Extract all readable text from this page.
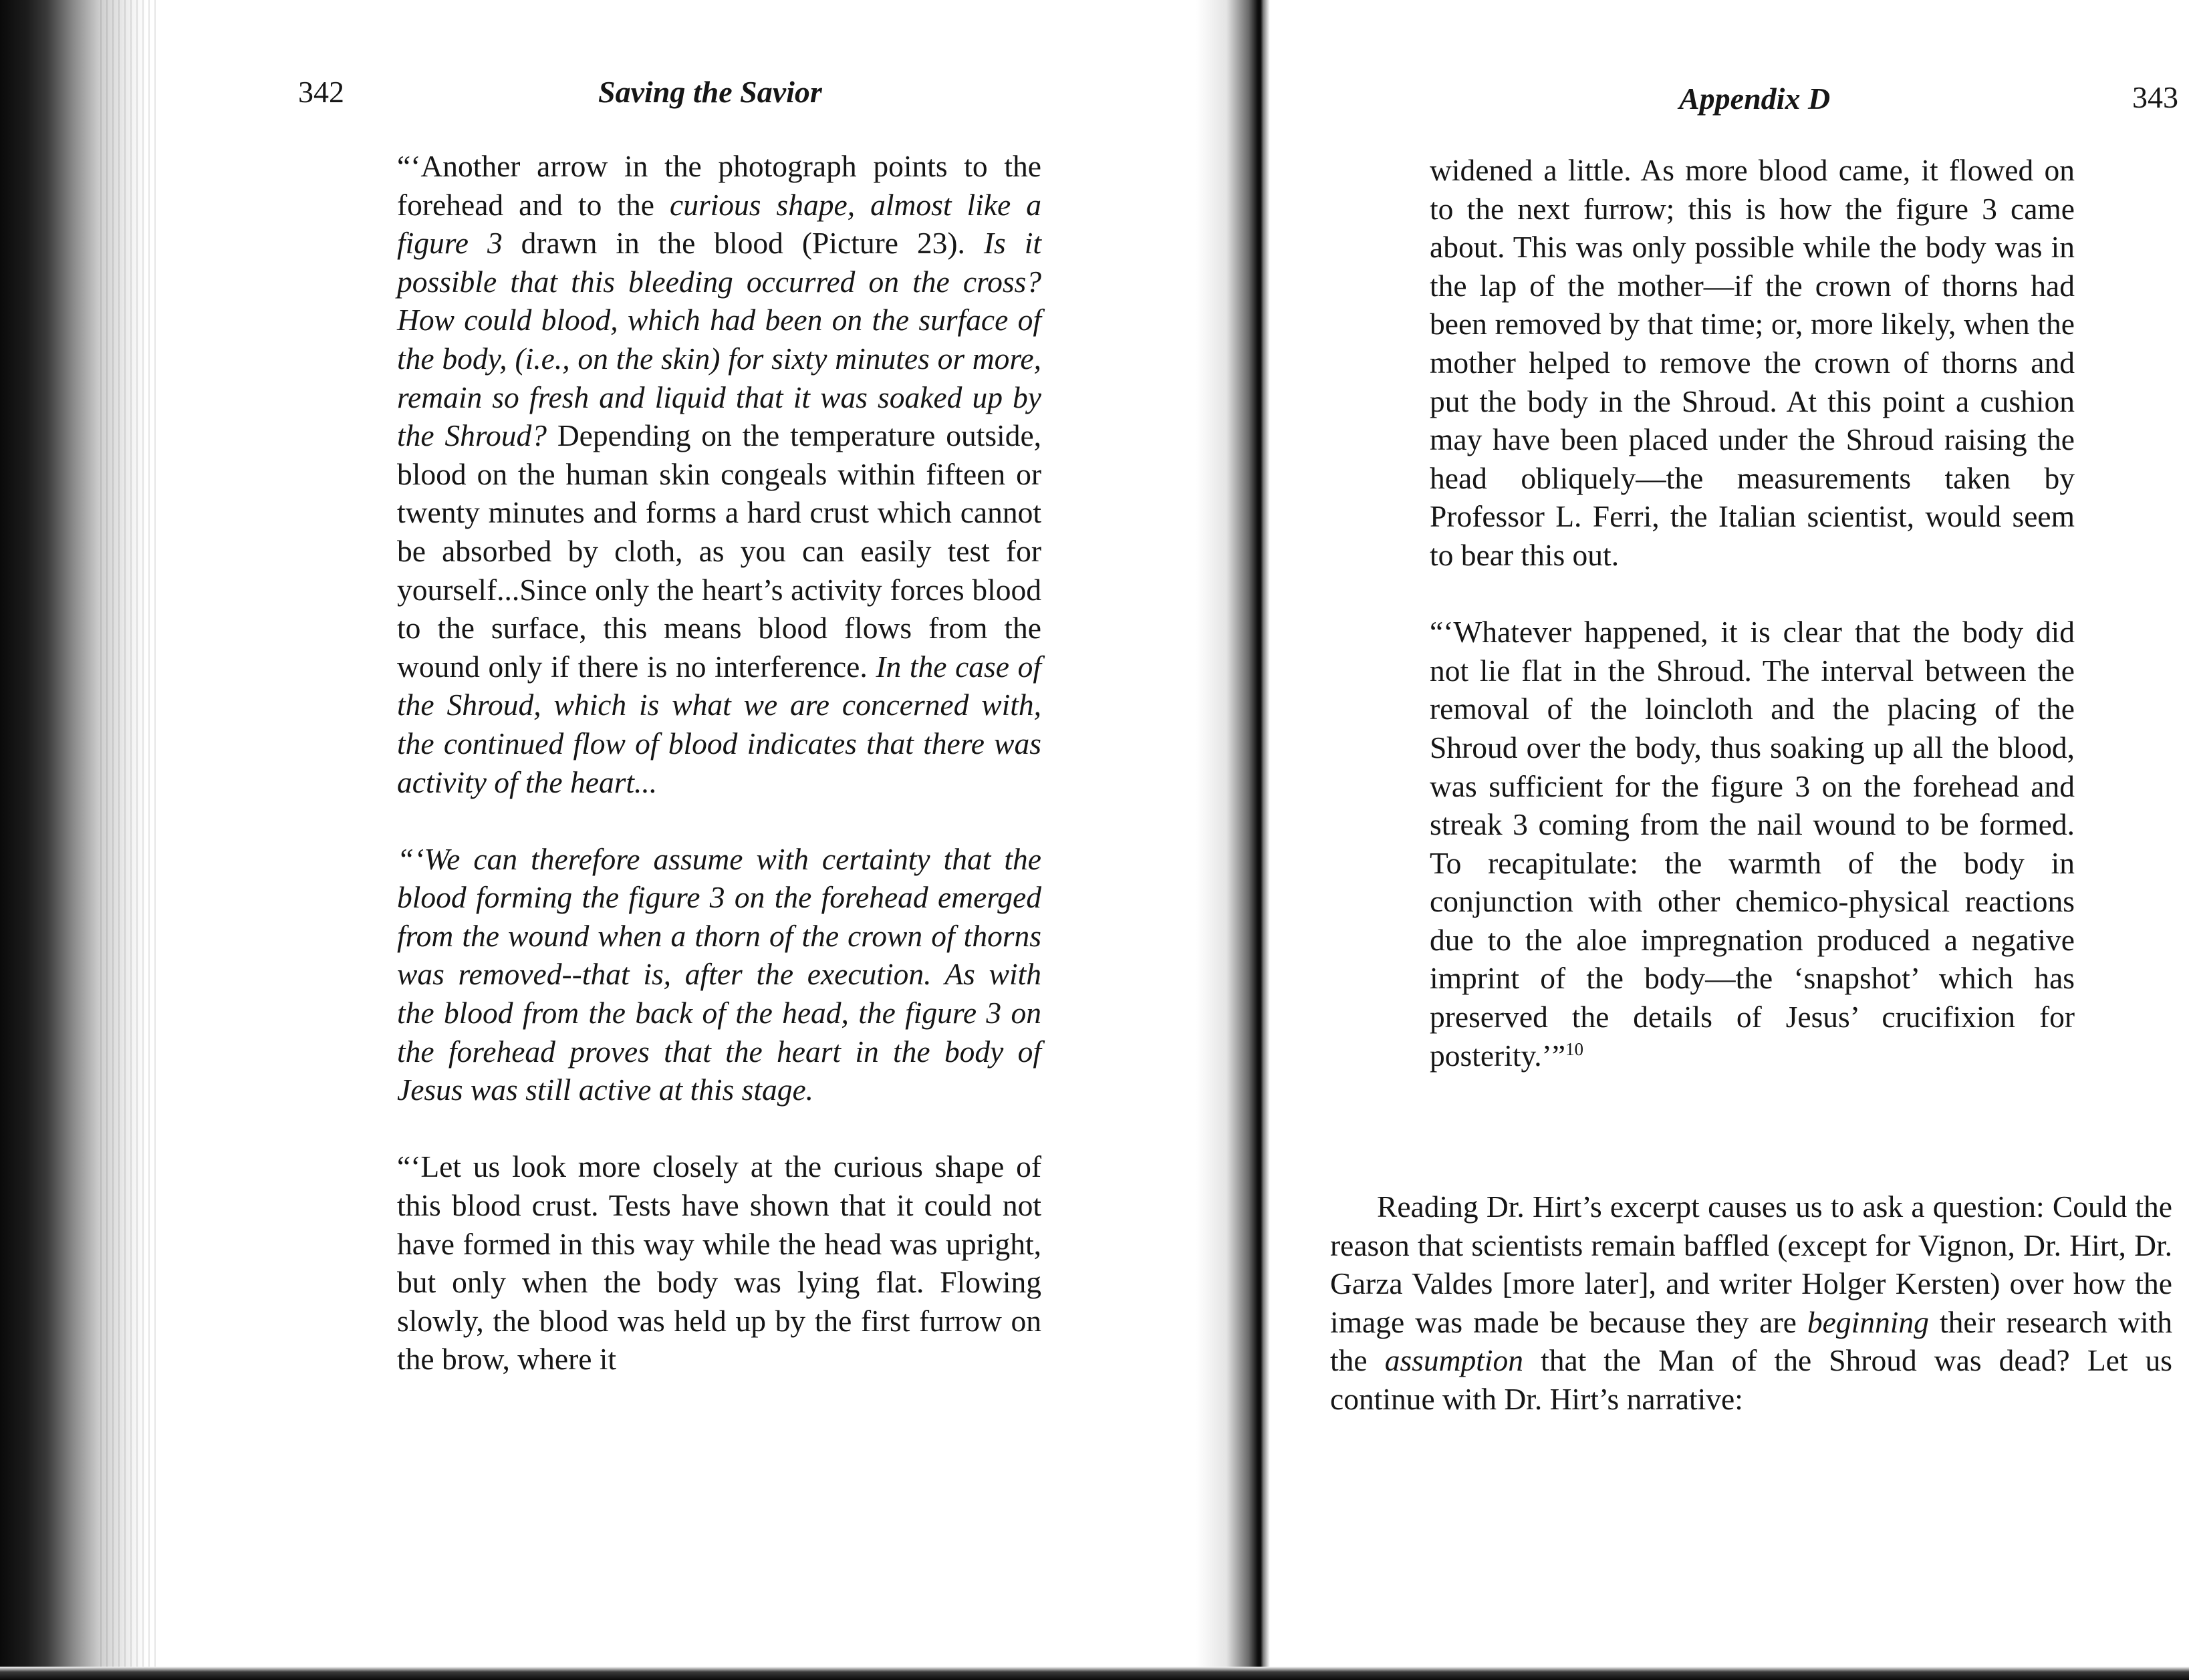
342	Saving the Savior	Appendix D	343

“‘Another arrow in the photograph points to the forehead and to the curious shape, almost like a figure 3 drawn in the blood (Picture 23). Is it possible that this bleeding occurred on the cross? How could blood, which had been on the surface of the body, (i.e., on the skin) for sixty minutes or more, remain so fresh and liquid that it was soaked up by the Shroud? Depending on the temperature outside, blood on the human skin congeals within fifteen or twenty minutes and forms a hard crust which cannot be absorbed by cloth, as you can easily test for yourself...Since only the heart’s activity forces blood to the surface, this means blood flows from the wound only if there is no interference. In the case of the Shroud, which is what we are concerned with, the continued flow of blood indicates that there was activity of the heart...

“‘We can therefore assume with certainty that the blood forming the figure 3 on the forehead emerged from the wound when a thorn of the crown of thorns was removed--that is, after the execution. As with the blood from the back of the head, the figure 3 on the forehead proves that the heart in the body of Jesus was still active at this stage.

“‘Let us look more closely at the curious shape of this blood crust. Tests have shown that it could not have formed in this way while the head was upright, but only when the body was lying flat. Flowing slowly, the blood was held up by the first furrow on the brow, where it

widened a little. As more blood came, it flowed on to the next furrow; this is how the figure 3 came about. This was only possible while the body was in the lap of the mother—if the crown of thorns had been removed by that time; or, more likely, when the mother helped to remove the crown of thorns and put the body in the Shroud. At this point a cushion may have been placed under the Shroud raising the head obliquely—the measurements taken by Professor L. Ferri, the Italian scientist, would seem to bear this out.

“‘Whatever happened, it is clear that the body did not lie flat in the Shroud. The interval between the removal of the loincloth and the placing of the Shroud over the body, thus soaking up all the blood, was sufficient for the figure 3 on the forehead and streak 3 coming from the nail wound to be formed. To recapitulate: the warmth of the body in conjunction with other chemico-physical reactions due to the aloe impregnation produced a negative imprint of the body—the ‘snapshot’ which has preserved the details of Jesus’ crucifixion for posterity.’”$^{10}$

Reading Dr. Hirt’s excerpt causes us to ask a question: Could the reason that scientists remain baffled (except for Vignon, Dr. Hirt, Dr. Garza Valdes [more later], and writer Holger Kersten) over how the image was made be because they are beginning their research with the assumption that the Man of the Shroud was dead? Let us continue with Dr. Hirt’s narrative:
